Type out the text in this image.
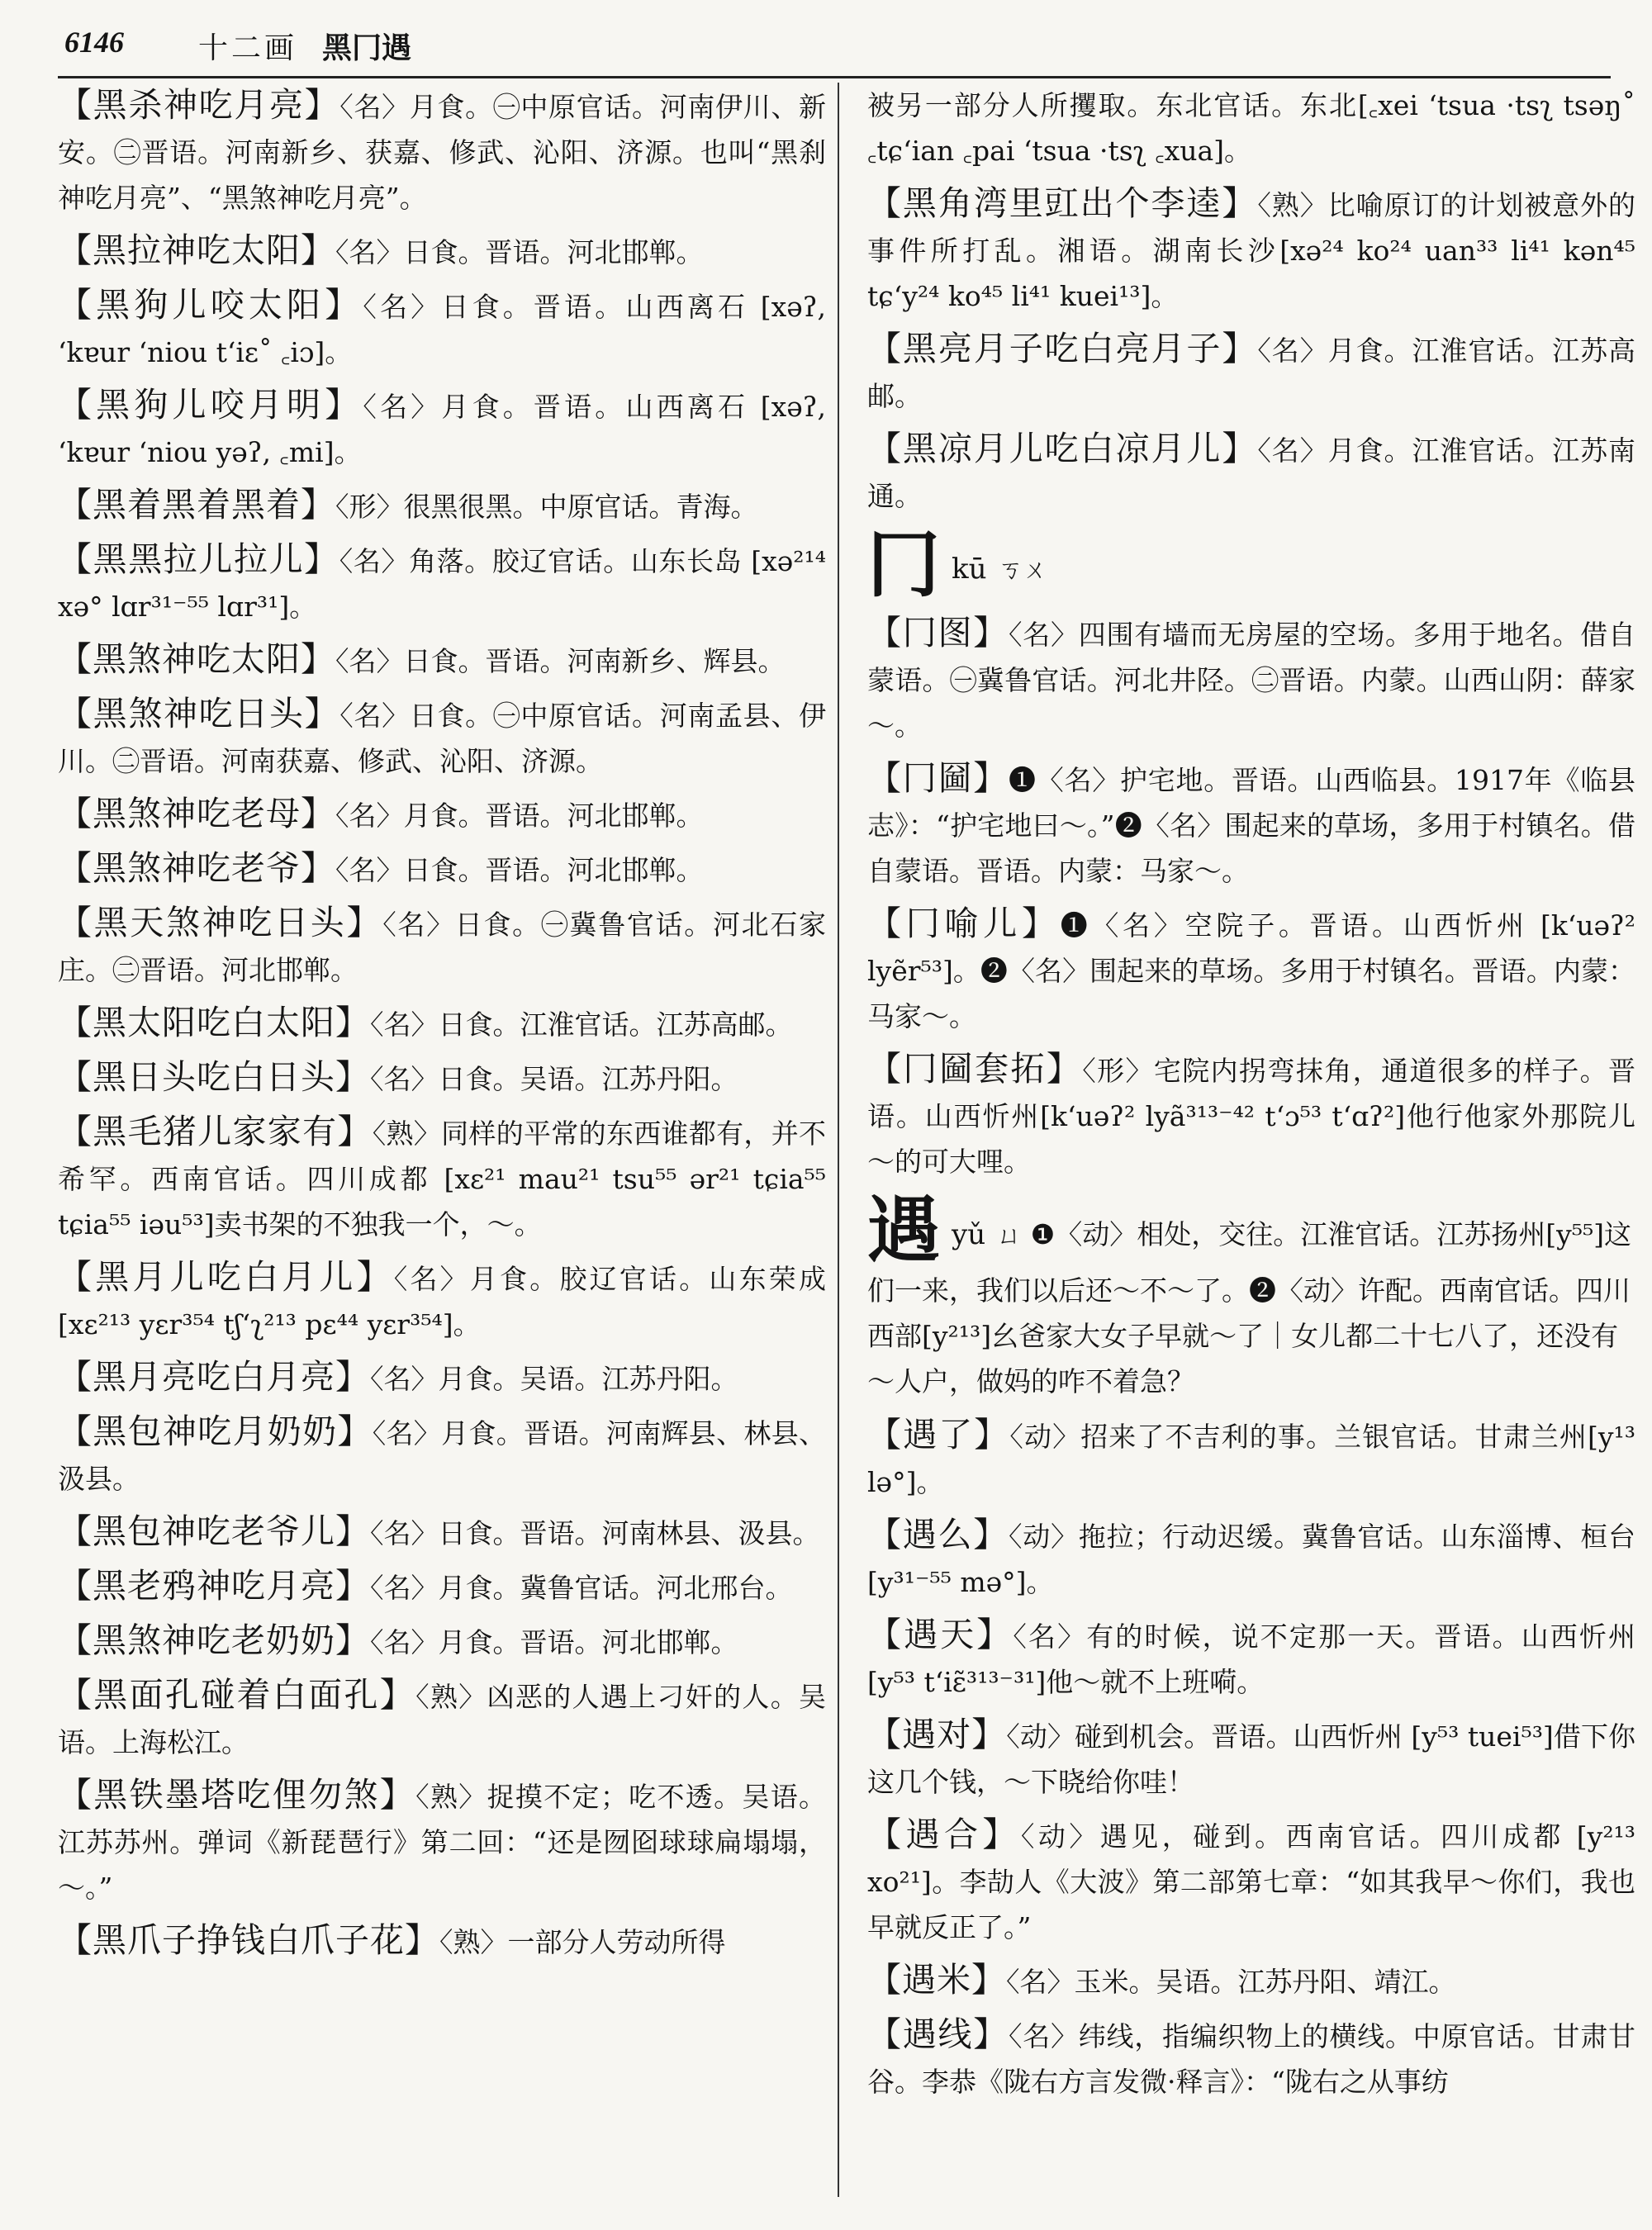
6146	十二画 黑冂遇
【黑杀神吃月亮】〈名〉月食。㊀中原官话。河南伊川、新安。㊁晋语。河南新乡、获嘉、修武、沁阳、济源。也叫“黑刹神吃月亮”、“黑煞神吃月亮”。
【黑拉神吃太阳】〈名〉日食。晋语。河北邯郸。
【黑狗儿咬太阳】〈名〉日食。晋语。山西离石 [xəʔ, ʻkɐur ʻniou tʻiɛ˚ ꜀iɔ]。
【黑狗儿咬月明】〈名〉月食。晋语。山西离石 [xəʔ, ʻkɐur ʻniou yəʔ, ꜀mi]。
【黑着黑着黑着】〈形〉很黑很黑。中原官话。青海。
【黑黑拉儿拉儿】〈名〉角落。胶辽官话。山东长岛 [xə²¹⁴ xə° lɑr³¹⁻⁵⁵ lɑr³¹]。
【黑煞神吃太阳】〈名〉日食。晋语。河南新乡、辉县。
【黑煞神吃日头】〈名〉日食。㊀中原官话。河南孟县、伊川。㊁晋语。河南获嘉、修武、沁阳、济源。
【黑煞神吃老母】〈名〉月食。晋语。河北邯郸。
【黑煞神吃老爷】〈名〉日食。晋语。河北邯郸。
【黑天煞神吃日头】〈名〉日食。㊀冀鲁官话。河北石家庄。㊁晋语。河北邯郸。
【黑太阳吃白太阳】〈名〉日食。江淮官话。江苏高邮。
【黑日头吃白日头】〈名〉日食。吴语。江苏丹阳。
【黑毛猪儿家家有】〈熟〉同样的平常的东西谁都有，并不希罕。西南官话。四川成都 [xɛ²¹ mau²¹ tsu⁵⁵ ər²¹ tɕia⁵⁵ tɕia⁵⁵ iəu⁵³]卖书架的不独我一个，～。
【黑月儿吃白月儿】〈名〉月食。胶辽官话。山东荣成[xɛ²¹³ yɛr³⁵⁴ tʃʻʅ²¹³ pɛ⁴⁴ yɛr³⁵⁴]。
【黑月亮吃白月亮】〈名〉月食。吴语。江苏丹阳。
【黑包神吃月奶奶】〈名〉月食。晋语。河南辉县、林县、汲县。
【黑包神吃老爷儿】〈名〉日食。晋语。河南林县、汲县。
【黑老鸦神吃月亮】〈名〉月食。冀鲁官话。河北邢台。
【黑煞神吃老奶奶】〈名〉月食。晋语。河北邯郸。
【黑面孔碰着白面孔】〈熟〉凶恶的人遇上刁奸的人。吴语。上海松江。
【黑铁墨塔吃俚勿煞】〈熟〉捉摸不定；吃不透。吴语。江苏苏州。弹词《新琵琶行》第二回：“还是囫囵球球扁塌塌，～。”
【黑爪子挣钱白爪子花】〈熟〉一部分人劳动所得
被另一部分人所攫取。东北官话。东北[꜀xei ʻtsua ·tsʅ tsəŋ˚ ꜀tɕʻian ꜀pai ʻtsua ·tsʅ ꜀xua]。
【黑角湾里豇出个李逵】〈熟〉比喻原订的计划被意外的事件所打乱。湘语。湖南长沙[xə²⁴ ko²⁴ uan³³ li⁴¹ kən⁴⁵ tɕʻy²⁴ ko⁴⁵ li⁴¹ kuei¹³]。
【黑亮月子吃白亮月子】〈名〉月食。江淮官话。江苏高邮。
【黑凉月儿吃白凉月儿】〈名〉月食。江淮官话。江苏南通。
冂kū ㄎㄨ
【冂图】〈名〉四围有墙而无房屋的空场。多用于地名。借自蒙语。㊀冀鲁官话。河北井陉。㊁晋语。内蒙。山西山阴：薛家～。
【冂圙】❶〈名〉护宅地。晋语。山西临县。1917年《临县志》：“护宅地曰～。”❷〈名〉围起来的草场，多用于村镇名。借自蒙语。晋语。内蒙：马家～。
【冂喻儿】❶〈名〉空院子。晋语。山西忻州 [kʻuəʔ² lyẽr⁵³]。❷〈名〉围起来的草场。多用于村镇名。晋语。内蒙：马家～。
【冂圙套拓】〈形〉宅院内拐弯抹角，通道很多的样子。晋语。山西忻州[kʻuəʔ² lyã³¹³⁻⁴² tʻɔ⁵³ tʻɑʔ²]他行他家外那院儿～的可大哩。
遇yǔ ㄩ ❶〈动〉相处，交往。江淮官话。江苏扬州[y⁵⁵]这们一来，我们以后还～不～了。❷〈动〉许配。西南官话。四川西部[y²¹³]幺爸家大女子早就～了｜女儿都二十七八了，还没有～人户，做妈的咋不着急？
【遇了】〈动〉招来了不吉利的事。兰银官话。甘肃兰州[y¹³ lə°]。
【遇么】〈动〉拖拉；行动迟缓。冀鲁官话。山东淄博、桓台[y³¹⁻⁵⁵ mə°]。
【遇天】〈名〉有的时候，说不定那一天。晋语。山西忻州[y⁵³ tʻiɛ̃³¹³⁻³¹]他～就不上班嗬。
【遇对】〈动〉碰到机会。晋语。山西忻州 [y⁵³ tuei⁵³]借下你这几个钱，～下晓给你哇！
【遇合】〈动〉遇见，碰到。西南官话。四川成都 [y²¹³ xo²¹]。李劼人《大波》第二部第七章：“如其我早～你们，我也早就反正了。”
【遇米】〈名〉玉米。吴语。江苏丹阳、靖江。
【遇线】〈名〉纬线，指编织物上的横线。中原官话。甘肃甘谷。李恭《陇右方言发微·释言》：“陇右之从事纺
